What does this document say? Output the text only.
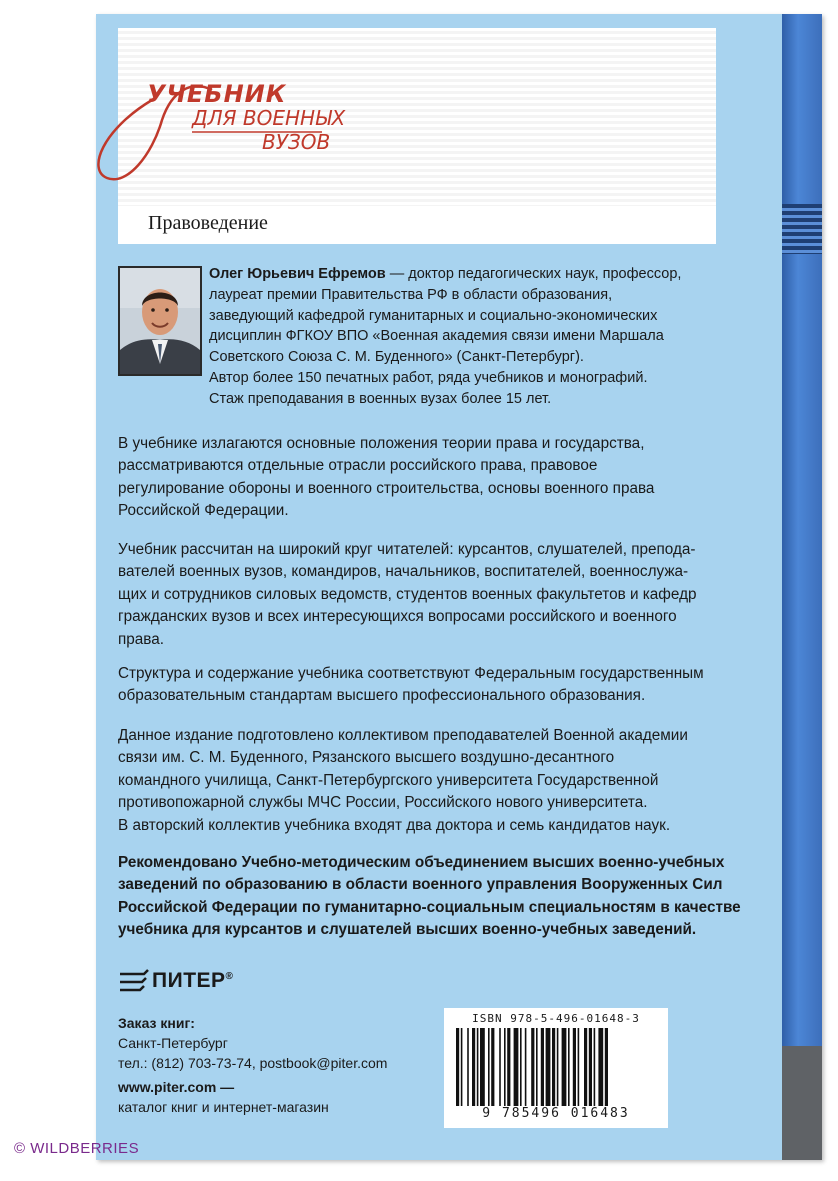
УЧЕБНИК
ДЛЯ ВОЕННЫХ
ВУЗОВ
Правоведение
Олег Юрьевич Ефремов — доктор педагогических наук, профессор,
лауреат премии Правительства РФ в области образования,
заведующий кафедрой гуманитарных и социально-экономических
дисциплин ФГКОУ ВПО «Военная академия связи имени Маршала
Советского Союза С. М. Буденного» (Санкт-Петербург).
Автор более 150 печатных работ, ряда учебников и монографий.
Стаж преподавания в военных вузах более 15 лет.
В учебнике излагаются основные положения теории права и государства,
рассматриваются отдельные отрасли российского права, правовое
регулирование обороны и военного строительства, основы военного права
Российской Федерации.
Учебник рассчитан на широкий круг читателей: курсантов, слушателей, препода-
вателей военных вузов, командиров, начальников, воспитателей, военнослужа-
щих и сотрудников силовых ведомств, студентов военных факультетов и кафедр
гражданских вузов и всех интересующихся вопросами российского и военного
права.
Структура и содержание учебника соответствуют Федеральным государственным
образовательным стандартам высшего профессионального образования.
Данное издание подготовлено коллективом преподавателей Военной академии
связи им. С. М. Буденного, Рязанского высшего воздушно-десантного
командного училища, Санкт-Петербургского университета Государственной
противопожарной службы МЧС России, Российского нового университета.
В авторский коллектив учебника входят два доктора и семь кандидатов наук.
Рекомендовано Учебно-методическим объединением высших военно-учебных
заведений по образованию в области военного управления Вооруженных Сил
Российской Федерации по гуманитарно-социальным специальностям в качестве
учебника для курсантов и слушателей высших военно-учебных заведений.
ПИТЕР®
Заказ книг:
Санкт-Петербург
тел.: (812) 703-73-74, postbook@piter.com
www.piter.com —
каталог книг и интернет-магазин
ISBN 978-5-496-01648-3
9 785496 016483
© WILDBERRIES
